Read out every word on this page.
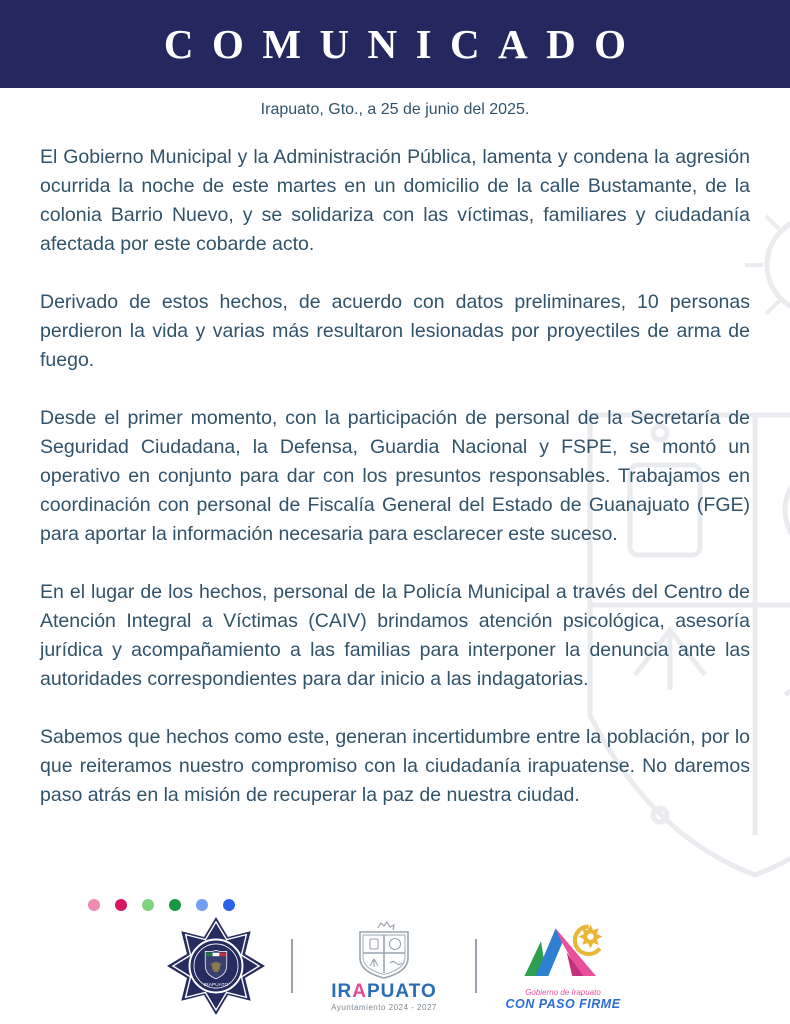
COMUNICADO
Irapuato, Gto., a 25 de junio del 2025.

El Gobierno Municipal y la Administración Pública, lamenta y condena la agresión ocurrida la noche de este martes en un domicilio de la calle Bustamante, de la colonia Barrio Nuevo, y se solidariza con las víctimas, familiares y ciudadanía afectada por este cobarde acto.

Derivado de estos hechos, de acuerdo con datos preliminares, 10 personas perdieron la vida y varias más resultaron lesionadas por proyectiles de arma de fuego.

Desde el primer momento, con la participación de personal de la Secretaría de Seguridad Ciudadana, la Defensa, Guardia Nacional y FSPE, se montó un operativo en conjunto para dar con los presuntos responsables. Trabajamos en coordinación con personal de Fiscalía General del Estado de Guanajuato (FGE) para aportar la información necesaria para esclarecer este suceso.

En el lugar de los hechos, personal de la Policía Municipal a través del Centro de Atención Integral a Víctimas (CAIV) brindamos atención psicológica, asesoría jurídica y acompañamiento a las familias para interponer la denuncia ante las autoridades correspondientes para dar inicio a las indagatorias.

Sabemos que hechos como este, generan incertidumbre entre la población, por lo que reiteramos nuestro compromiso con la ciudadanía irapuatense. No daremos paso atrás en la misión de recuperar la paz de nuestra ciudad.

IRAPUATO	IRAPUATO
Ayuntamiento 2024 - 2027
Gobierno de Irapuato
CON PASO FIRME
